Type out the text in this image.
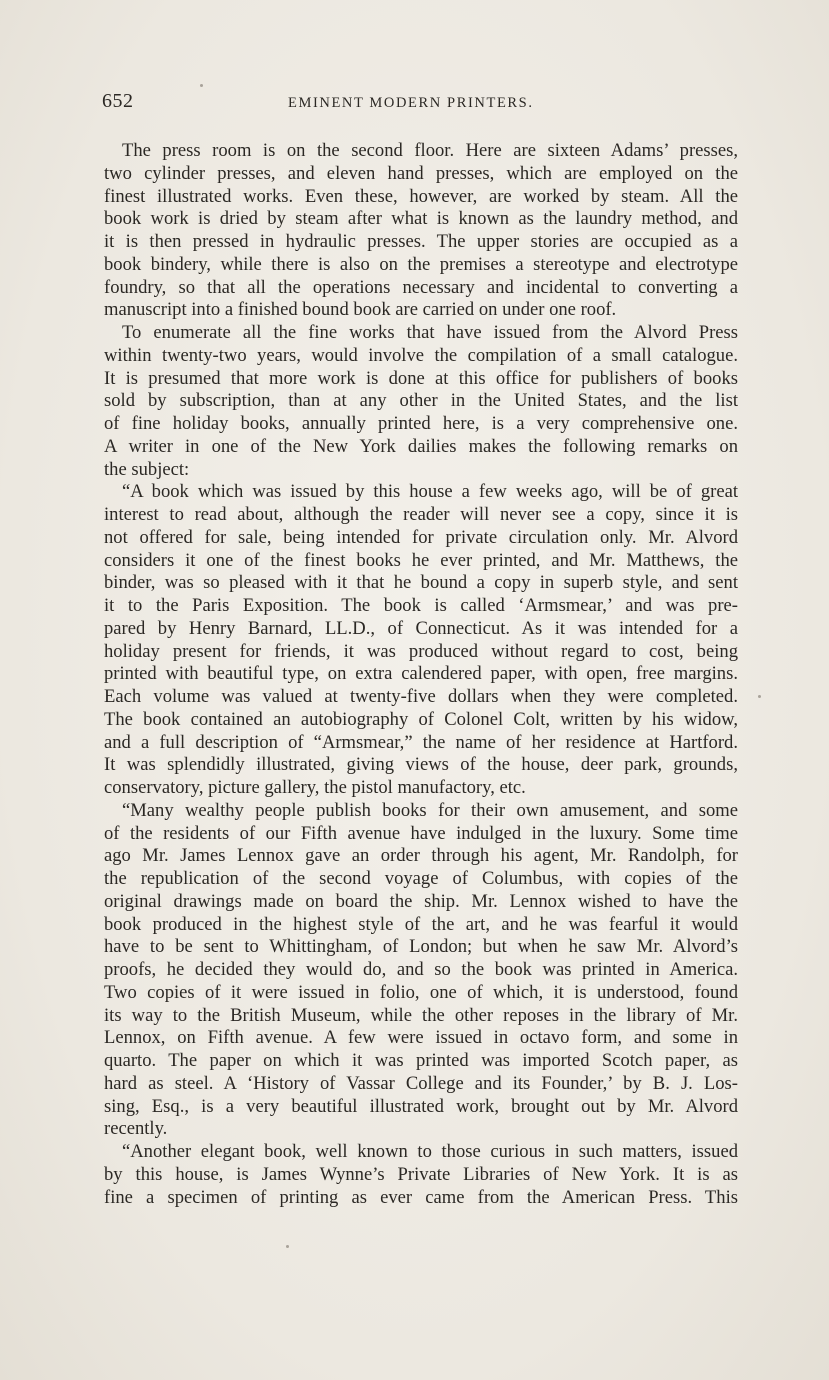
652	EMINENT MODERN PRINTERS.
The press room is on the second floor. Here are sixteen Adams’ presses,
two cylinder presses, and eleven hand presses, which are employed on the
finest illustrated works. Even these, however, are worked by steam. All the
book work is dried by steam after what is known as the laundry method, and
it is then pressed in hydraulic presses. The upper stories are occupied as a
book bindery, while there is also on the premises a stereotype and electrotype
foundry, so that all the operations necessary and incidental to converting a
manuscript into a finished bound book are carried on under one roof.
To enumerate all the fine works that have issued from the Alvord Press
within twenty-two years, would involve the compilation of a small catalogue.
It is presumed that more work is done at this office for publishers of books
sold by subscription, than at any other in the United States, and the list
of fine holiday books, annually printed here, is a very comprehensive one.
A writer in one of the New York dailies makes the following remarks on
the subject:
“A book which was issued by this house a few weeks ago, will be of great
interest to read about, although the reader will never see a copy, since it is
not offered for sale, being intended for private circulation only. Mr. Alvord
considers it one of the finest books he ever printed, and Mr. Matthews, the
binder, was so pleased with it that he bound a copy in superb style, and sent
it to the Paris Exposition. The book is called ‘Armsmear,’ and was pre-
pared by Henry Barnard, LL.D., of Connecticut. As it was intended for a
holiday present for friends, it was produced without regard to cost, being
printed with beautiful type, on extra calendered paper, with open, free margins.
Each volume was valued at twenty-five dollars when they were completed.
The book contained an autobiography of Colonel Colt, written by his widow,
and a full description of “Armsmear,” the name of her residence at Hartford.
It was splendidly illustrated, giving views of the house, deer park, grounds,
conservatory, picture gallery, the pistol manufactory, etc.
“Many wealthy people publish books for their own amusement, and some
of the residents of our Fifth avenue have indulged in the luxury. Some time
ago Mr. James Lennox gave an order through his agent, Mr. Randolph, for
the republication of the second voyage of Columbus, with copies of the
original drawings made on board the ship. Mr. Lennox wished to have the
book produced in the highest style of the art, and he was fearful it would
have to be sent to Whittingham, of London; but when he saw Mr. Alvord’s
proofs, he decided they would do, and so the book was printed in America.
Two copies of it were issued in folio, one of which, it is understood, found
its way to the British Museum, while the other reposes in the library of Mr.
Lennox, on Fifth avenue. A few were issued in octavo form, and some in
quarto. The paper on which it was printed was imported Scotch paper, as
hard as steel. A ‘History of Vassar College and its Founder,’ by B. J. Los-
sing, Esq., is a very beautiful illustrated work, brought out by Mr. Alvord
recently.
“Another elegant book, well known to those curious in such matters, issued
by this house, is James Wynne’s Private Libraries of New York. It is as
fine a specimen of printing as ever came from the American Press. This
